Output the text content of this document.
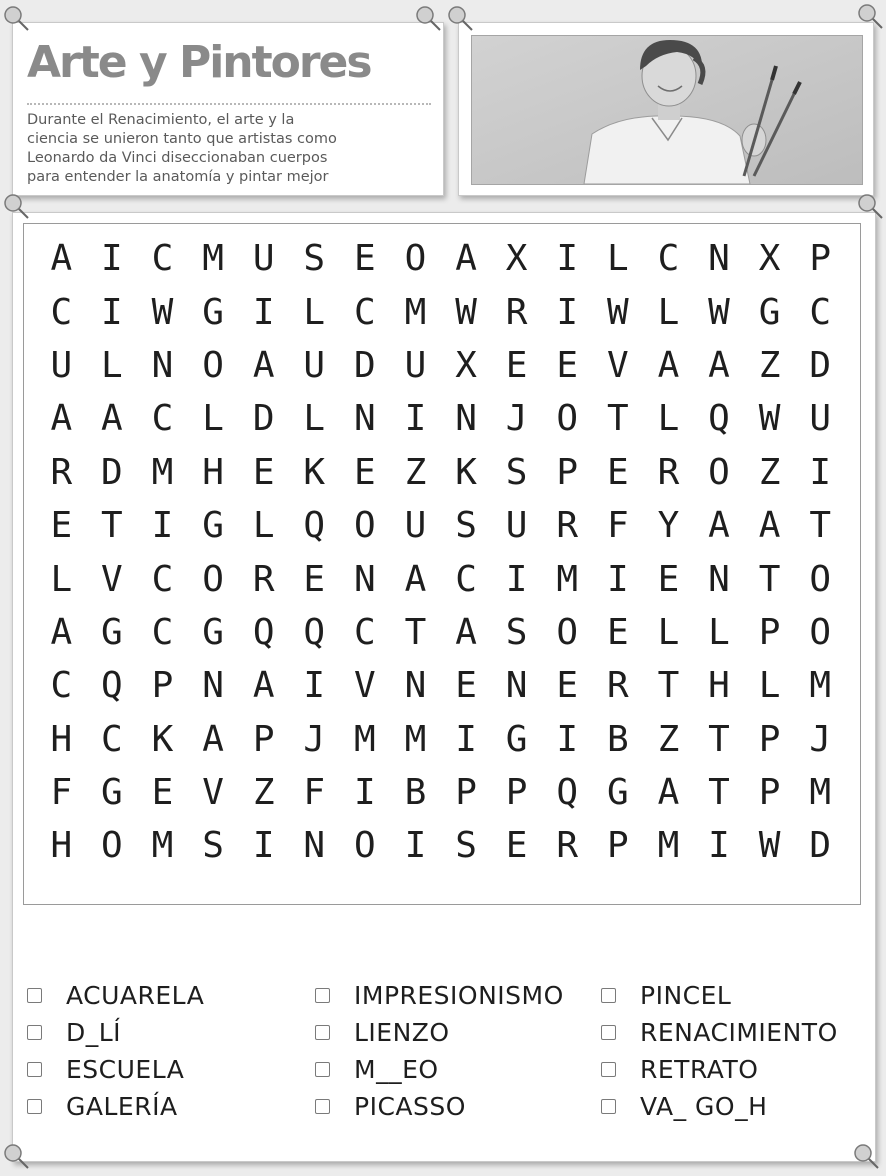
Arte y Pintores
Durante el Renacimiento, el arte y la
ciencia se unieron tanto que artistas como
Leonardo da Vinci diseccionaban cuerpos
para entender la anatomía y pintar mejor
A I C M U S E O A X I L C N X P
C I W G I L C M W R I W L W G C
U L N O A U D U X E E V A A Z D
A A C L D L N I N J O T L Q W U
R D M H E K E Z K S P E R O Z I
E T I G L Q O U S U R F Y A A T
L V C O R E N A C I M I E N T O
A G C G Q Q C T A S O E L L P O
C Q P N A I V N E N E R T H L M
H C K A P J M M I G I B Z T P J
F G E V Z F I B P P Q G A T P M
H O M S I N O I S E R P M I W D
ACUARELA
D_LÍ
ESCUELA
GALERÍA
IMPRESIONISMO
LIENZO
M__EO
PICASSO
PINCEL
RENACIMIENTO
RETRATO
VA_ GO_H
